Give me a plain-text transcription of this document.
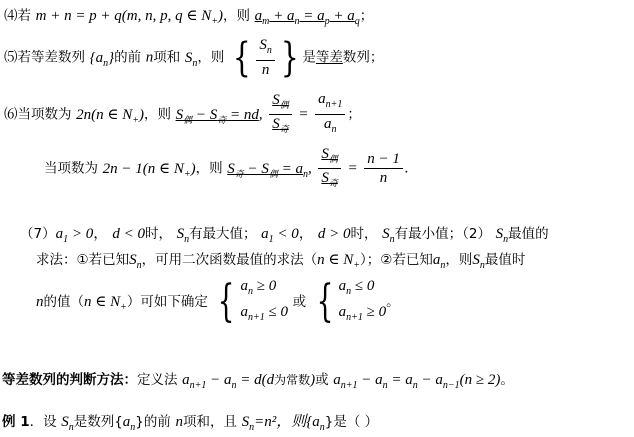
⑷若 m + n = p + q(m, n, p, q ∈ $N_+$)，则 $a_m + a_n = a_p + a_q$；
⑸若等差数列 $\{a_n\}$的前 n项和 $S_n$，则 { $\frac{S_n}{n}$ } 是等差数列；
⑹当项数为 2n(n ∈ $N_+$)，则 $S_偶 - S_奇$ = nd, $\frac{S_偶}{S_奇} = \frac{a_{n+1}}{a_n}$ ；
当项数为 2n − 1(n ∈ $N_+$)，则 $S_奇 - S_偶 = a_n$, $\frac{S_偶}{S_奇} = \frac{n - 1}{n}$ .
$(7)a_1 > 0$， d < 0时， $S_n$有最大值； $a_1 < 0$， d > 0时， $S_n$有最小值；（2） $S_n$最值的
求法：①若已知$S_n$，可用二次函数最值的求法（n ∈ $N_+$）；②若已知$a_n$，则$S_n$最值时
n的值（n ∈ $N_+$）可如下确定 { $a_n \ge 0$
$a_{n+1} \le 0$
或 { $a_n \le 0$
$a_{n+1} \ge 0$
。
等差数列的判断方法：定义法 $a_{n+1} - a_n = d(d$为常数)或 $a_{n+1} - a_n = a_n - a_{n-1}(n \ge 2)$。
例 1．设 $S_n$是数列$\{a_n\}$的前 n项和，且 $S_n=n^2$，则$\{a_n\}$是（ ）
